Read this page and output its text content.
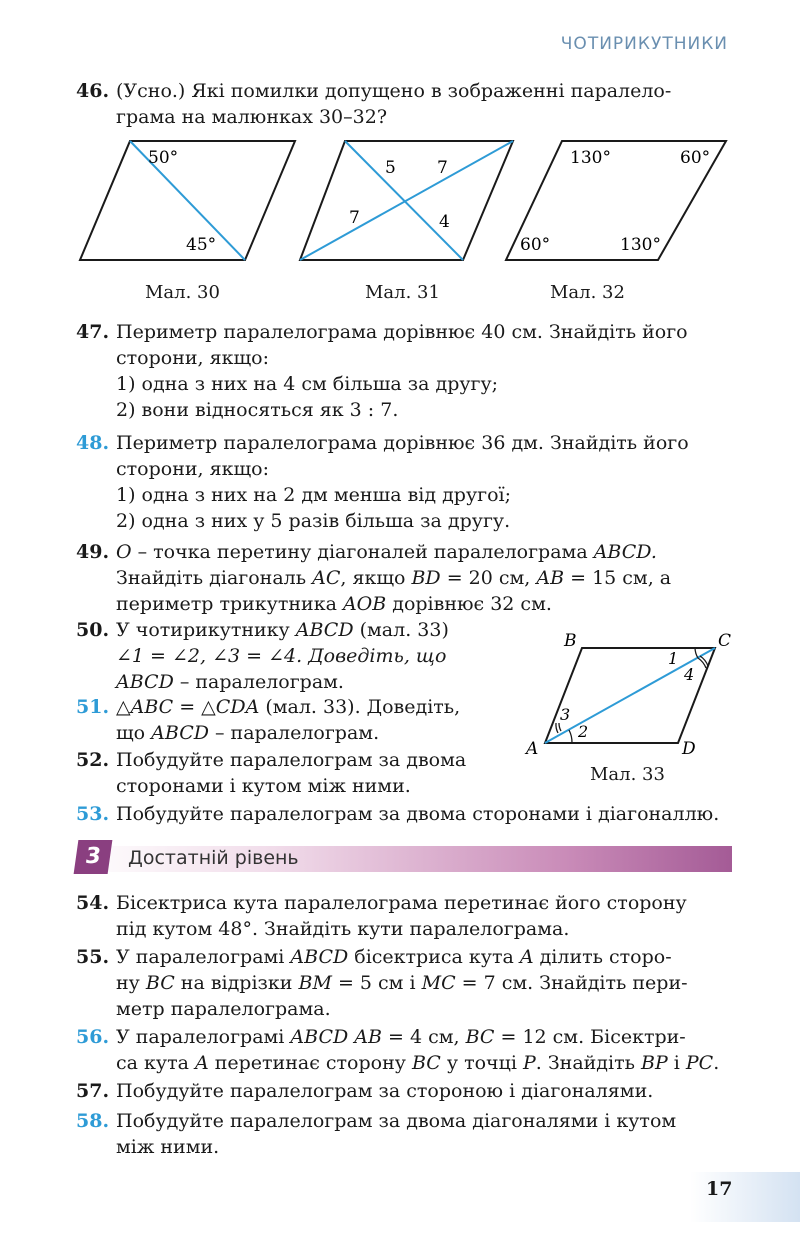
ЧОТИРИКУТНИКИ
46. (Усно.) Які помилки допущено в зображенні паралело-
грама на малюнках 30–32?
50°
45°
Мал. 30
5 7
7	4
Мал. 31
130°	60°
60°	130°
Мал. 32
47. Периметр паралелограма дорівнює 40 см. Знайдіть його
сторони, якщо:
1) одна з них на 4 см більша за другу;
2) вони відносяться як 3 : 7.
48. Периметр паралелограма дорівнює 36 дм. Знайдіть його
сторони, якщо:
1) одна з них на 2 дм менша від другої;
2) одна з них у 5 разів більша за другу.
49. O – точка перетину діагоналей паралелограма ABCD.
Знайдіть діагональ AC, якщо BD = 20 см, AB = 15 см, а
периметр трикутника AOB дорівнює 32 см.
50. У чотирикутнику ABCD (мал. 33)
∠1 = ∠2, ∠3 = ∠4. Доведіть, що
ABCD – паралелограм.
51. △ABC = △CDA (мал. 33). Доведіть,
що ABCD – паралелограм.
52. Побудуйте паралелограм за двома
сторонами і кутом між ними.
53. Побудуйте паралелограм за двома сторонами і діагоналлю.
B	C
A	D
1
4
3
2
Мал. 33
3	Достатній рівень
54. Бісектриса кута паралелограма перетинає його сторону
під кутом 48°. Знайдіть кути паралелограма.
55. У паралелограмі ABCD бісектриса кута A ділить сторо-
ну BC на відрізки BM = 5 см і MC = 7 см. Знайдіть пери-
метр паралелограма.
56. У паралелограмі ABCD AB = 4 см, BC = 12 см. Бісектри-
са кута A перетинає сторону BC у точці P. Знайдіть BP і PC.
57. Побудуйте паралелограм за стороною і діагоналями.
58. Побудуйте паралелограм за двома діагоналями і кутом
між ними.
17
